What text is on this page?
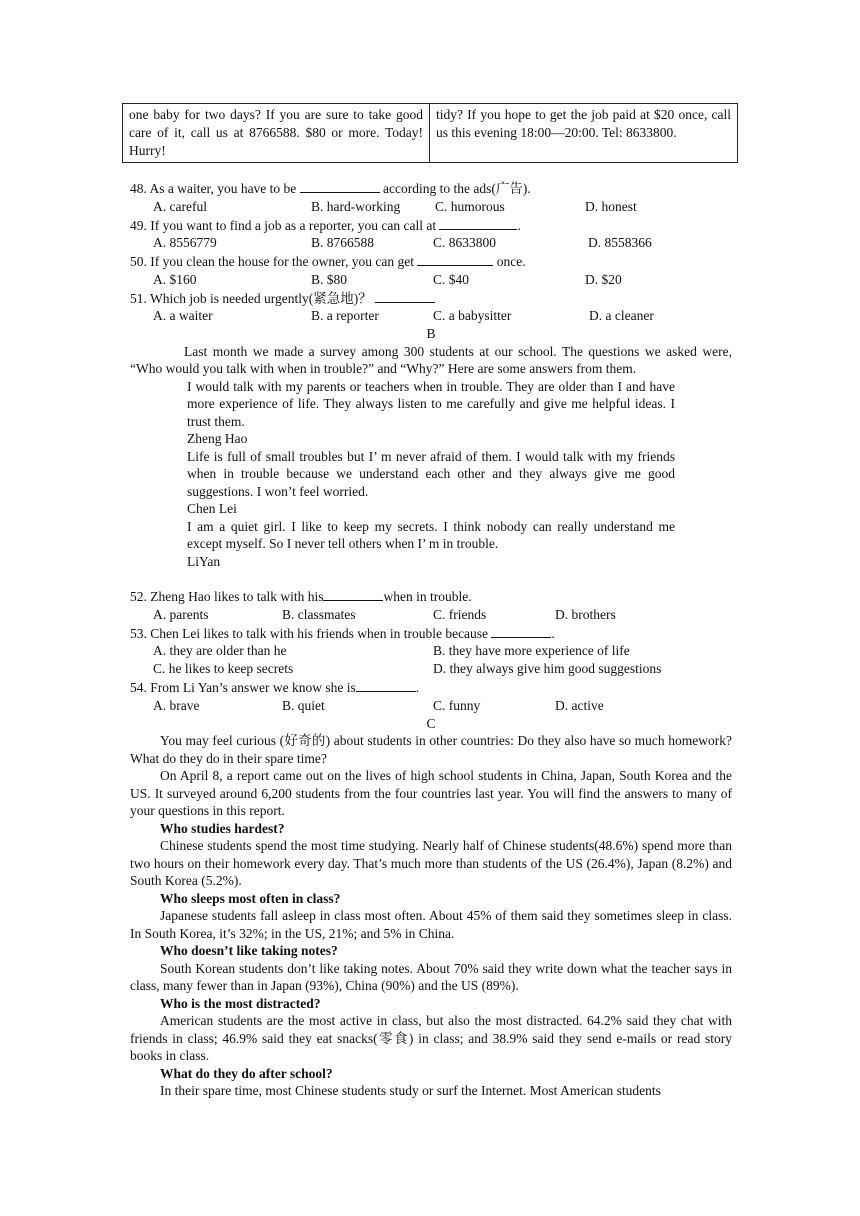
one baby for two days? If you are sure to take good care of it, call us at 8766588. $80 or more. Today! Hurry!	tidy? If you hope to get the job paid at $20 once, call us this evening 18:00—20:00. Tel: 8633800.

48. As a waiter, you have to be	according to the ads(广告).

A. careful	B. hard-working	C. humorous	D. honest

49. If you want to find a job as a reporter, you can call at	.

A. 8556779	B. 8766588	C. 8633800	D. 8558366

50. If you clean the house for the owner, you can get	once.

A. $160	B. $80	C. $40	D. $20

51. Which job is needed urgently(紧急地)？

A. a waiter	B. a reporter	C. a babysitter	D. a cleaner

B

Last month we made a survey among 300 students at our school. The questions we asked were, “Who would you talk with when in trouble?” and “Why?” Here are some answers from them.

I would talk with my parents or teachers when in trouble. They are older than I and have more experience of life. They always listen to me carefully and give me helpful ideas. I trust them.

Zheng Hao

Life is full of small troubles but I’ m never afraid of them. I would talk with my friends when in trouble because we understand each other and they always give me good suggestions. I won’t feel worried.

Chen Lei

I am a quiet girl. I like to keep my secrets. I think nobody can really understand me except myself. So I never tell others when I’ m in trouble.

LiYan

52. Zheng Hao likes to talk with his	when in trouble.

A. parents	B. classmates	C. friends	D. brothers

53. Chen Lei likes to talk with his friends when in trouble because	.

A. they are older than he	B. they have more experience of life
C. he likes to keep secrets	D. they always give him good suggestions

54. From Li Yan’s answer we know she is	.

A. brave	B. quiet	C. funny	D. active

C

You may feel curious (好奇的) about students in other countries: Do they also have so much homework? What do they do in their spare time?

On April 8, a report came out on the lives of high school students in China, Japan, South Korea and the US. It surveyed around 6,200 students from the four countries last year. You will find the answers to many of your questions in this report.

Who studies hardest?

Chinese students spend the most time studying. Nearly half of Chinese students(48.6%) spend more than two hours on their homework every day. That’s much more than students of the US (26.4%), Japan (8.2%) and South Korea (5.2%).

Who sleeps most often in class?

Japanese students fall asleep in class most often. About 45% of them said they sometimes sleep in class. In South Korea, it’s 32%; in the US, 21%; and 5% in China.

Who doesn’t like taking notes?

South Korean students don’t like taking notes. About 70% said they write down what the teacher says in class, many fewer than in Japan (93%), China (90%) and the US (89%).

Who is the most distracted?

American students are the most active in class, but also the most distracted. 64.2% said they chat with friends in class; 46.9% said they eat snacks(零食) in class; and 38.9% said they send e-mails or read story books in class.

What do they do after school?

In their spare time, most Chinese students study or surf the Internet. Most American students
